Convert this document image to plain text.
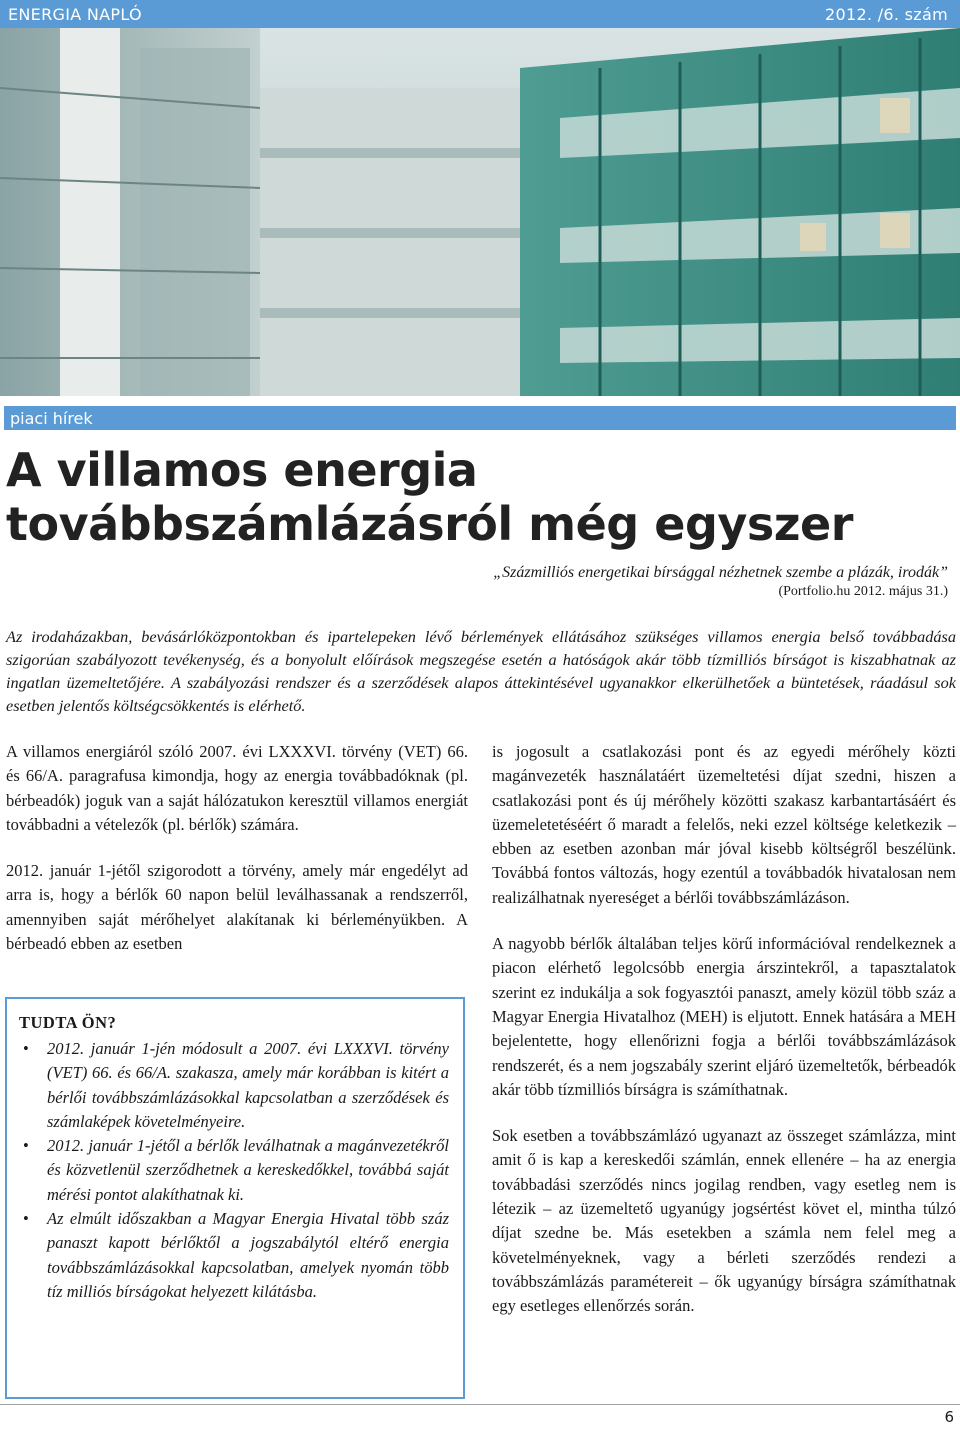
ENERGIA NAPLÓ	2012. /6. szám
piaci hírek
A villamos energia
továbbszámlázásról még egyszer
„Százmilliós energetikai bírsággal nézhetnek szembe a plázák, irodák”
(Portfolio.hu 2012. május 31.)

Az irodaházakban, bevásárlóközpontokban és ipartelepeken lévő bérlemények ellátásához szükséges villamos energia belső továbbadása szigorúan szabályozott tevékenység, és a bonyolult előírások megszegése esetén a hatóságok akár több tízmilliós bírságot is kiszabhatnak az ingatlan üzemeltetőjére. A szabályozási rendszer és a szerződések alapos áttekintésével ugyanakkor elkerülhetőek a büntetések, ráadásul sok esetben jelentős költségcsökkentés is elérhető.

A villamos energiáról szóló 2007. évi LXXXVI. törvény (VET) 66. és 66/A. paragrafusa kimondja, hogy az energia továbbadóknak (pl. bérbeadók) joguk van a saját hálózatukon keresztül villamos energiát továbbadni a vételezők (pl. bérlők) számára.

2012. január 1-jétől szigorodott a törvény, amely már engedélyt ad arra is, hogy a bérlők 60 napon belül leválhassanak a rendszerről, amennyiben saját mérőhelyet alakítanak ki bérleményükben. A bérbeadó ebben az esetben

TUDTA ÖN?
• 2012. január 1-jén módosult a 2007. évi LXXXVI. törvény (VET) 66. és 66/A. szakasza, amely már korábban is kitért a bérlői továbbszámlázásokkal kapcsolatban a szerződések és számlaképek követelményeire.
• 2012. január 1-jétől a bérlők leválhatnak a magánvezetékről és közvetlenül szerződhetnek a kereskedőkkel, továbbá saját mérési pontot alakíthatnak ki.
• Az elmúlt időszakban a Magyar Energia Hivatal több száz panaszt kapott bérlőktől a jogszabálytól eltérő energia továbbszámlázásokkal kapcsolatban, amelyek nyomán több tíz milliós bírságokat helyezett kilátásba.

is jogosult a csatlakozási pont és az egyedi mérőhely közti magánvezeték használatáért üzemeltetési díjat szedni, hiszen a csatlakozási pont és új mérőhely közötti szakasz karbantartásáért és üzemeletetéséért ő maradt a felelős, neki ezzel költsége keletkezik – ebben az esetben azonban már jóval kisebb költségről beszélünk. Továbbá fontos változás, hogy ezentúl a továbbadók hivatalosan nem realizálhatnak nyereséget a bérlői továbbszámlázáson.

A nagyobb bérlők általában teljes körű információval rendelkeznek a piacon elérhető legolcsóbb energia árszintekről, a tapasztalatok szerint ez indukálja a sok fogyasztói panaszt, amely közül több száz a Magyar Energia Hivatalhoz (MEH) is eljutott. Ennek hatására a MEH bejelentette, hogy ellenőrizni fogja a bérlői továbbszámlázások rendszerét, és a nem jogszabály szerint eljáró üzemeltetők, bérbeadók akár több tízmilliós bírságra is számíthatnak.

Sok esetben a továbbszámlázó ugyanazt az összeget számlázza, mint amit ő is kap a kereskedői számlán, ennek ellenére – ha az energia továbbadási szerződés nincs jogilag rendben, vagy esetleg nem is létezik – az üzemeltető ugyanúgy jogsértést követ el, mintha túlzó díjat szedne be. Más esetekben a számla nem felel meg a követelményeknek, vagy a bérleti szerződés rendezi a továbbszámlázás paramétereit – ők ugyanúgy bírságra számíthatnak egy esetleges ellenőrzés során.

6
